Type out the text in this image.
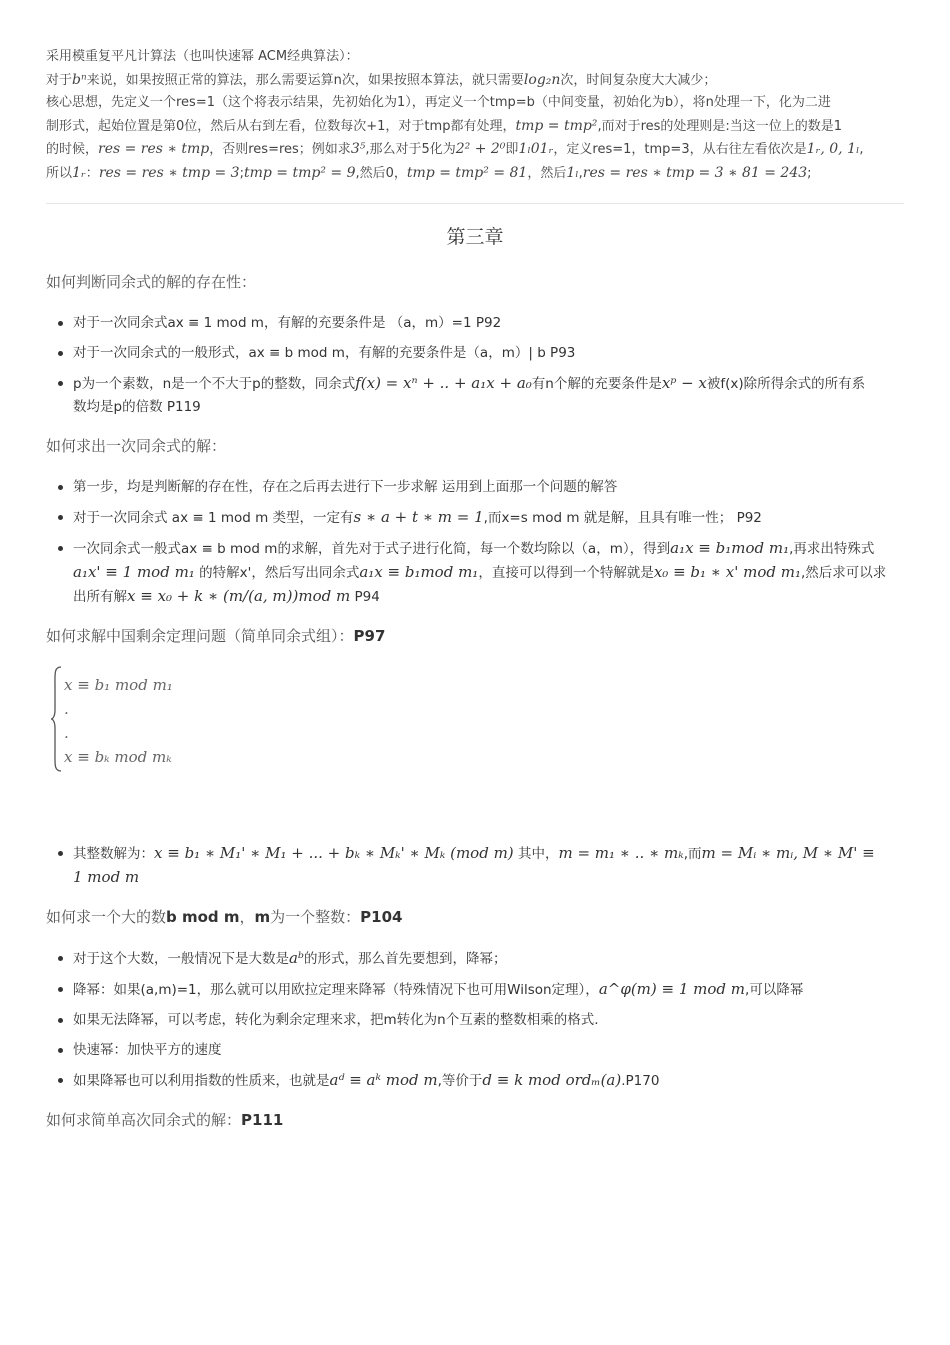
采用模重复平凡计算法（也叫快速幂 ACM经典算法）：
对于bⁿ来说，如果按照正常的算法，那么需要运算n次，如果按照本算法，就只需要log₂n次，时间复杂度大大减少；
核心思想，先定义一个res=1（这个将表示结果，先初始化为1），再定义一个tmp=b（中间变量，初始化为b），将n处理一下，化为二进
制形式，起始位置是第0位，然后从右到左看，位数每次+1，对于tmp都有处理，tmp = tmp²,而对于res的处理则是:当这一位上的数是1
的时候，res = res ∗ tmp，否则res=res；例如求3⁵,那么对于5化为2² + 2⁰即1ₗ01ᵣ，定义res=1，tmp=3，从右往左看依次是1ᵣ, 0, 1ₗ,
所以1ᵣ：res = res ∗ tmp = 3;tmp = tmp² = 9,然后0，tmp = tmp² = 81，然后1ₗ,res = res ∗ tmp = 3 ∗ 81 = 243;
第三章
如何判断同余式的解的存在性：
对于一次同余式ax ≡ 1 mod m，有解的充要条件是 （a，m）=1 P92
对于一次同余式的一般形式，ax ≡ b mod m，有解的充要条件是（a，m）| b P93
p为一个素数，n是一个不大于p的整数，同余式f(x) = xⁿ + .. + a₁x + a₀有n个解的充要条件是xᵖ − x被f(x)除所得余式的所有系
数均是p的倍数 P119
如何求出一次同余式的解：
第一步，均是判断解的存在性，存在之后再去进行下一步求解 运用到上面那一个问题的解答
对于一次同余式 ax ≡ 1 mod m 类型，一定有s ∗ a + t ∗ m = 1,而x=s mod m 就是解，且具有唯一性； P92
一次同余式一般式ax ≡ b mod m的求解，首先对于式子进行化简，每一个数均除以（a，m），得到a₁x ≡ b₁mod m₁,再求出特殊式
a₁x' ≡ 1 mod m₁ 的特解x'，然后写出同余式a₁x ≡ b₁mod m₁，直接可以得到一个特解就是x₀ ≡ b₁ ∗ x' mod m₁,然后求可以求
出所有解x ≡ x₀ + k ∗ (m/(a, m))mod m P94
如何求解中国剩余定理问题（简单同余式组）：P97
x ≡ b₁ mod m₁
.
.
x ≡ bₖ mod mₖ
其整数解为：x ≡ b₁ ∗ M₁' ∗ M₁ + ... + bₖ ∗ Mₖ' ∗ Mₖ (mod m) 其中，m = m₁ ∗ .. ∗ mₖ,而m = Mᵢ ∗ mᵢ, M ∗ M' ≡
1 mod m
如何求一个大的数b mod m，m为一个整数：P104
对于这个大数，一般情况下是大数是aᵇ的形式，那么首先要想到，降幂；
降幂：如果(a,m)=1，那么就可以用欧拉定理来降幂（特殊情况下也可用Wilson定理），a^φ(m) ≡ 1 mod m,可以降幂
如果无法降幂，可以考虑，转化为剩余定理来求，把m转化为n个互素的整数相乘的格式.
快速幂：加快平方的速度
如果降幂也可以利用指数的性质来，也就是aᵈ ≡ aᵏ mod m,等价于d ≡ k mod ordₘ(a).P170
如何求简单高次同余式的解：P111
